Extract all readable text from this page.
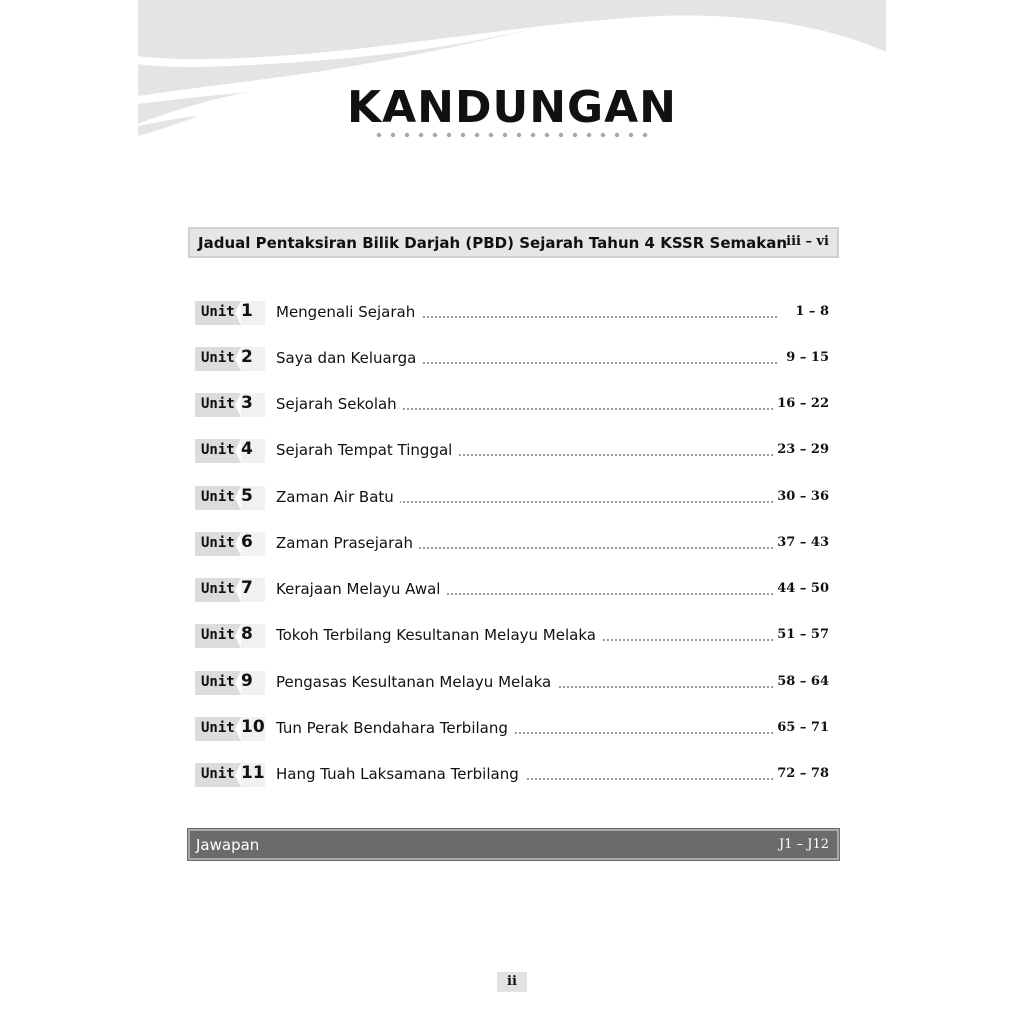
KANDUNGAN
Jadual Pentaksiran Bilik Darjah (PBD) Sejarah Tahun 4 KSSR Semakan iii – vi
Unit 1 Mengenali Sejarah	1 – 8
Unit 2 Saya dan Keluarga	9 – 15
Unit 3 Sejarah Sekolah	16 – 22
Unit 4 Sejarah Tempat Tinggal	23 – 29
Unit 5 Zaman Air Batu	30 – 36
Unit 6 Zaman Prasejarah	37 – 43
Unit 7 Kerajaan Melayu Awal	44 – 50
Unit 8 Tokoh Terbilang Kesultanan Melayu Melaka	51 – 57
Unit 9 Pengasas Kesultanan Melayu Melaka	58 – 64
Unit 10 Tun Perak Bendahara Terbilang	65 – 71
Unit 11 Hang Tuah Laksamana Terbilang	72 – 78
Jawapan	J1 – J12
ii
